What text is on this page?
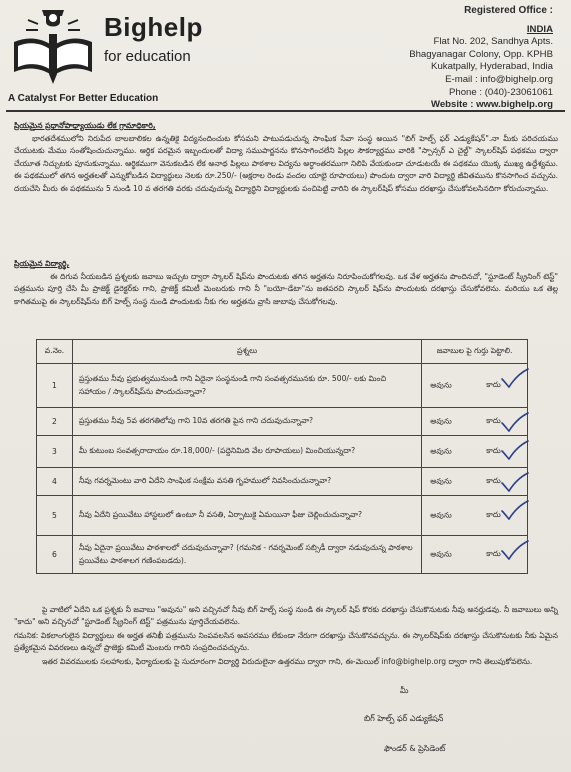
Bighelp
for education
A Catalyst For Better Education
Registered Office :
INDIA
Flat No. 202, Sandhya Apts.
Bhagyanagar Colony, Opp. KPHB
Kukatpally, Hyderabad, India
E-mail : info@bighelp.org
Phone : (040)-23061061
Website : www.bighelp.org
ప్రియమైన ప్రధానోపాధ్యాయుడు లేక గ్రామాధికారి,
భారతదేశములోని నిరుపేద బాలబాలికల ఉన్నతికై విద్యనందించుట కోసమని పాటుపడుచున్న సాంఘిక సేవా సంస్థ అయిన "బిగ్ హెల్ప్ ఫర్ ఎడ్యుకేషన్".నా మీకు పరిచయము చేయుటకు మేము సంతోషించుచున్నాము. ఆర్థిక పరమైన ఇబ్బందులతో విద్యా సముపార్జనను కొనసాగించలేని పిల్లల సౌకర్యార్థము వారికి "స్పాన్సర్ ఎ చైల్డ్" స్కాలర్‌షిప్ పథకము ద్వారా చేయూత నిచ్చుటకు పూనుకున్నాము. ఆర్థికముగా వెనుకబడిన లేక అనాథ పిల్లలు పాఠశాల విద్యను అర్ధాంతరముగా నిలిపి వేయకుండా చూడుటయే ఈ పథకము యొక్క ముఖ్య ఉద్దేశ్యము. ఈ పథకములో తగిన అర్హతలతో ఎన్నుకోబడిన విద్యార్థులు నెలకు రూ.250/- (అక్షరాల రెండు వందల యాభై రూపాయలు) పొందుట ద్వారా వారి విద్యార్థి జీవితమును కొనసాగించ వచ్చును. దయచేసి మీరు ఈ పథకమును 5 నుండి 10 వ తరగతి వరకు చదువుచున్న విద్యార్థిని విద్యార్థులకు పంచిపెట్టి వారిని ఈ స్కాలర్‌షిప్ కోసము దరఖాస్తు చేసుకోవలసినదిగా కోరుచున్నాము.
ప్రియమైన విద్యార్థి,
ఈ దిగువ నీయబడిన ప్రశ్నలకు జవాబు ఇచ్చుట ద్వారా స్కాలర్ షిప్‌ను పొందుటకు తగిన అర్హతను నిరూపించుకోగలవు. ఒక వేళ అర్హతను పొందినచో, "స్టూడెంట్ స్క్రీనింగ్ టెస్ట్" పత్రమును పూర్తి చేసి మీ ప్రాజెక్ట్ డైరెక్టర్‌కు గాని, ప్రాజెక్ట్ కమిటీ మెంబరుకు గాని నీ "బయో-డేటా"ను జతపరచి స్కాలర్ షిప్‌ను పొందుటకు దరఖాస్తు చేసుకోవలెను. మరియు ఒక తెల్ల కాగితముపై ఈ స్కాలర్‌షిప్‌ను బిగ్ హెల్ప్ సంస్థ నుండి పొందుటకు నీకు గల అర్హతను వ్రాసి జుబావు చేసుకోగలవు.
వ.నెం.	ప్రశ్నలు	జవాబుల పై గుర్తు పెట్టాలి.
1	ప్రస్తుతము నీవు ప్రభుత్వమునుండి గాని ఏదైనా సంస్థనుండి గాని సంవత్సరమునకు రూ. 500/- లకు మించి సహాయం / స్కాలర్‌షిప్‌ను పొందుచున్నావా?	అవును కాదు

2	ప్రస్తుతము నీవు 5వ తరగతిలోపు గాని 10వ తరగతి పైన గాని చదువుచున్నావా?	అవును కాదు

3	మీ కుటుంబ సంవత్సరాదాయం రూ.18,000/- (పద్దెనిమిది వేల రూపాయలు) మించియున్నదా?	అవును కాదు

4	నీవు గవర్నమెంటు వారి ఏదేని సాంఘిక సంక్షేమ వసతి గృహములో నివసించుచున్నావా?	అవును కాదు

5	నీవు ఏదేని ప్రయివేటు హాస్టలులో ఉంటూ నీ వసతి, ఏర్పాటుకై ఏమయినా ఫీజు చెల్లించుచున్నావా?	అవును కాదు

6	నీవు ఏదైనా ప్రయివేటు పాఠశాలలో చదువుచున్నావా? (గమనిక - గవర్నమెంట్ సబ్సిడీ ద్వారా నడుపుచున్న పాఠశాల ప్రయివేటు పాఠశాలగ గణింపబడదు).	అవును కాదు
పై వాటిలో ఏదేని ఒక ప్రశ్నకు నీ జవాబు "అవును" అని వచ్చినచో నీవు బిగ్ హెల్ప్ సంస్థ నుండి ఈ స్కాలర్ షిప్ కొరకు దరఖాస్తు చేసుకొనుటకు నీవు అనర్హుడవు. నీ జవాబులు అన్ని "కాదు" అని వచ్చినచో "స్టూడెంట్ స్క్రీనింగ్ టెస్ట్" పత్రమును పూర్తిచేయవలెను.
గమనిక: వికలాంగులైన విద్యార్థులు ఈ అర్హత తనిఖీ పత్రమును నింపవలసిన అవసరము లేకుండా నేరుగా దరఖాస్తు చేసుకొనవచ్చును. ఈ స్కాలర్‌షిప్‌కు దరఖాస్తు చేసుకొనుటకు నీకు ఏమైన ప్రత్యేకమైన వివరణలు ఉన్నచో ప్రాజెక్టు కమిటీ మెంబరు గారిని సంప్రదించవచ్చును.
ఇతర వివరములకు సలహాలకు, ఫిర్యాదులకు పై సుదూరంగా విద్యార్థి విరుదులైనా ఉత్తరము ద్వారా గాని, ఈ-మెయిల్ info@bighelp.org ద్వారా గాని తెలుపుకోవలెను.
మీ
బిగ్ హెల్ప్ ఫర్ ఎడ్యుకేషన్
ఫౌండర్ & ప్రెసిడెంట్
